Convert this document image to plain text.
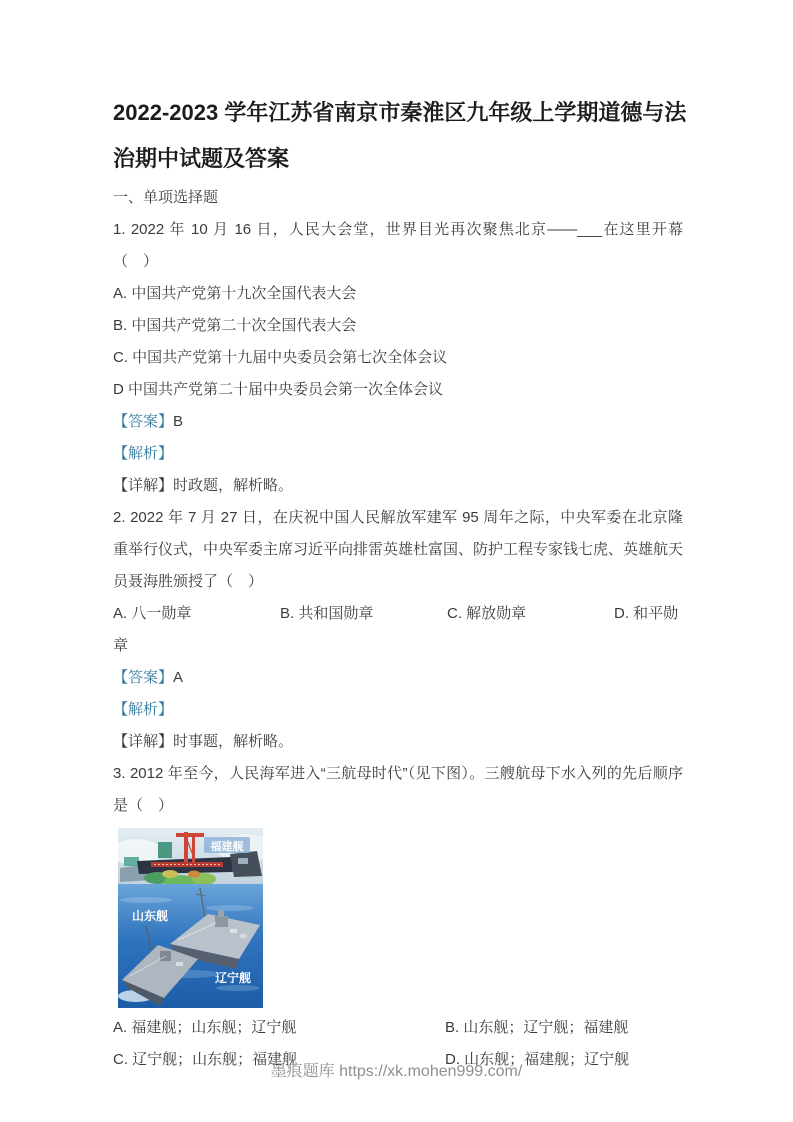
2022-2023 学年江苏省南京市秦淮区九年级上学期道德与法治期中试题及答案

一、单项选择题

1. 2022 年 10 月 16 日，人民大会堂，世界目光再次聚焦北京——___在这里开幕（　）

A. 中国共产党第十九次全国代表大会

B. 中国共产党第二十次全国代表大会

C. 中国共产党第十九届中央委员会第七次全体会议

D 中国共产党第二十届中央委员会第一次全体会议

【答案】B

【解析】

【详解】时政题，解析略。

2. 2022 年 7 月 27 日，在庆祝中国人民解放军建军 95 周年之际，中央军委在北京隆重举行仪式，中央军委主席习近平向排雷英雄杜富国、防护工程专家钱七虎、英雄航天员聂海胜颁授了（　）

A. 八一勋章	B. 共和国勋章	C. 解放勋章	D. 和平勋章

【答案】A

【解析】

【详解】时事题，解析略。

3. 2012 年至今，人民海军进入“三航母时代”（见下图）。三艘航母下水入列的先后顺序是（　）

福建舰
山东舰
辽宁舰

A. 福建舰；山东舰；辽宁舰	B. 山东舰；辽宁舰；福建舰

C. 辽宁舰；山东舰；福建舰	D. 山东舰；福建舰；辽宁舰

墨痕题库 https://xk.mohen999.com/
